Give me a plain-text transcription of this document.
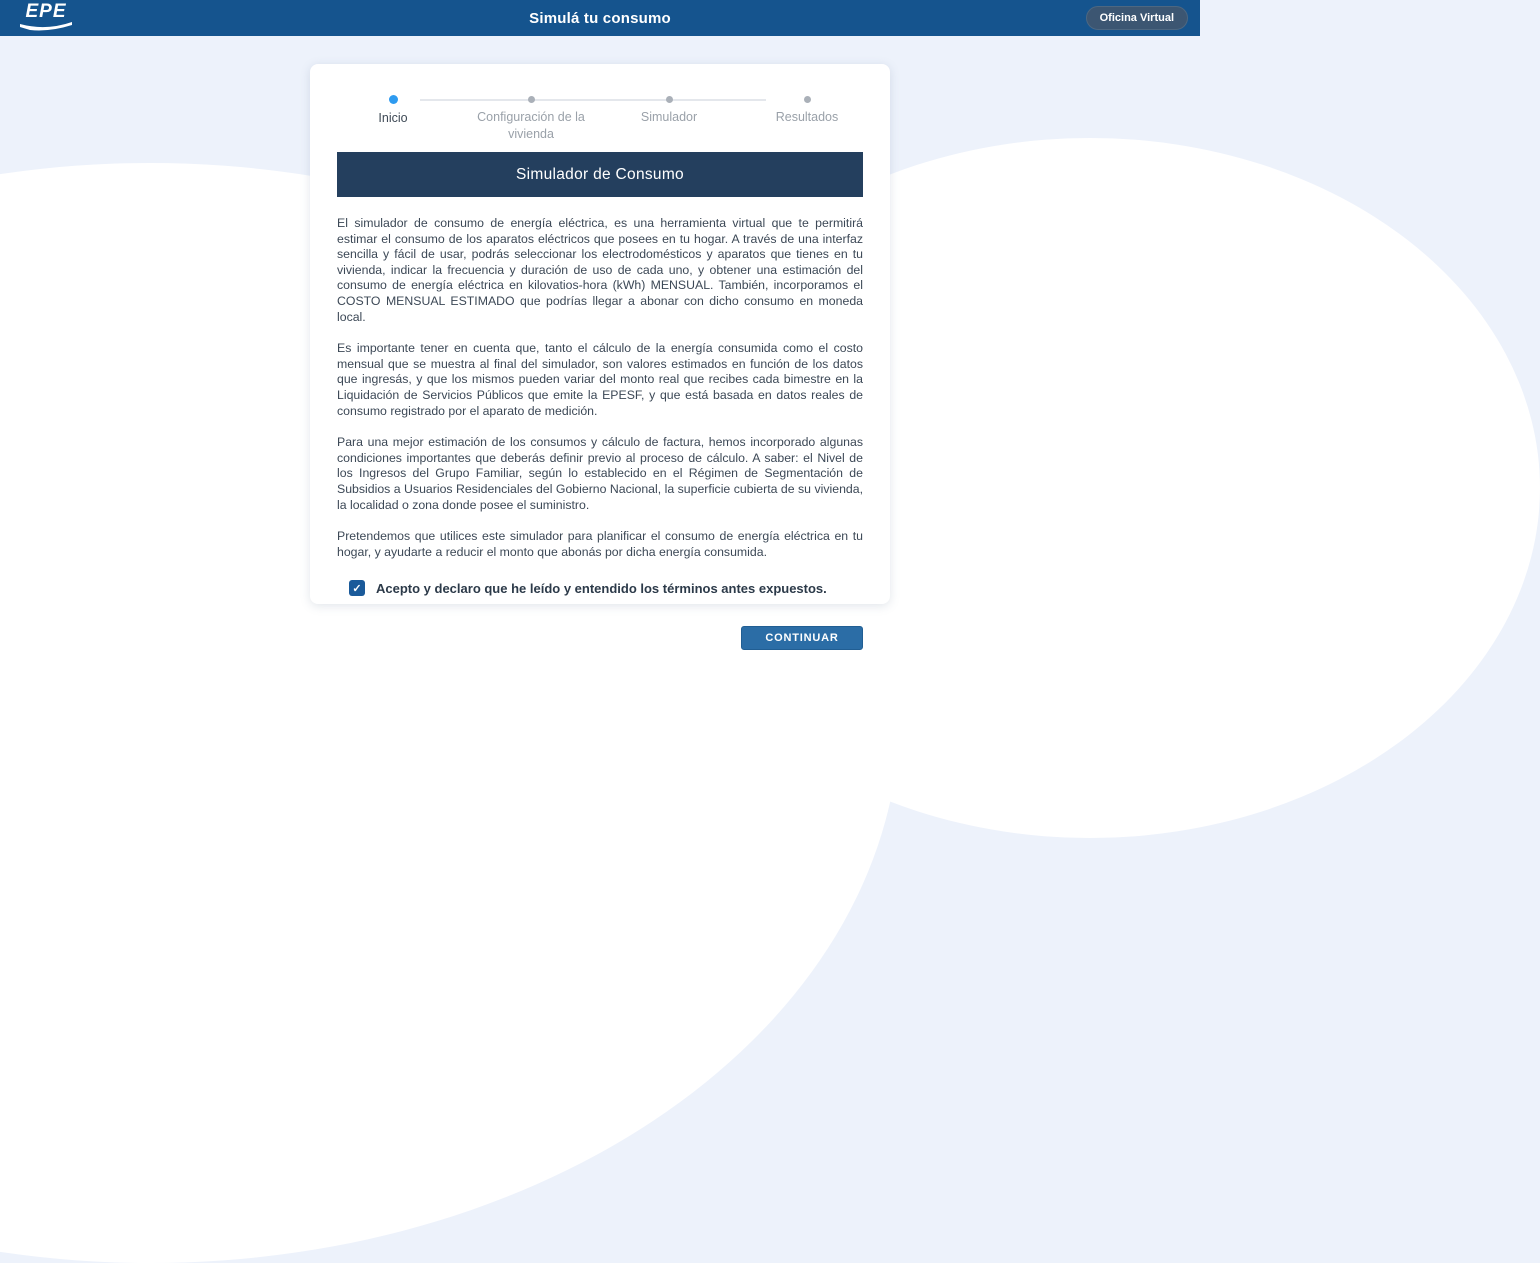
EPE	Simulá tu consumo	Oficina Virtual
Inicio	Configuración de la vivienda
Simulador	Resultados
Simulador de Consumo

El simulador de consumo de energía eléctrica, es una herramienta virtual que te permitirá estimar el consumo de los aparatos eléctricos que posees en tu hogar. A través de una interfaz sencilla y fácil de usar, podrás seleccionar los electrodomésticos y aparatos que tienes en tu vivienda, indicar la frecuencia y duración de uso de cada uno, y obtener una estimación del consumo de energía eléctrica en kilovatios-hora (kWh) MENSUAL. También, incorporamos el COSTO MENSUAL ESTIMADO que podrías llegar a abonar con dicho consumo en moneda local.

Es importante tener en cuenta que, tanto el cálculo de la energía consumida como el costo mensual que se muestra al final del simulador, son valores estimados en función de los datos que ingresás, y que los mismos pueden variar del monto real que recibes cada bimestre en la Liquidación de Servicios Públicos que emite la EPESF, y que está basada en datos reales de consumo registrado por el aparato de medición.

Para una mejor estimación de los consumos y cálculo de factura, hemos incorporado algunas condiciones importantes que deberás definir previo al proceso de cálculo. A saber: el Nivel de los Ingresos del Grupo Familiar, según lo establecido en el Régimen de Segmentación de Subsidios a Usuarios Residenciales del Gobierno Nacional, la superficie cubierta de su vivienda, la localidad o zona donde posee el suministro.

Pretendemos que utilices este simulador para planificar el consumo de energía eléctrica en tu hogar, y ayudarte a reducir el monto que abonás por dicha energía consumida.

✓ Acepto y declaro que he leído y entendido los términos antes expuestos.
CONTINUAR
